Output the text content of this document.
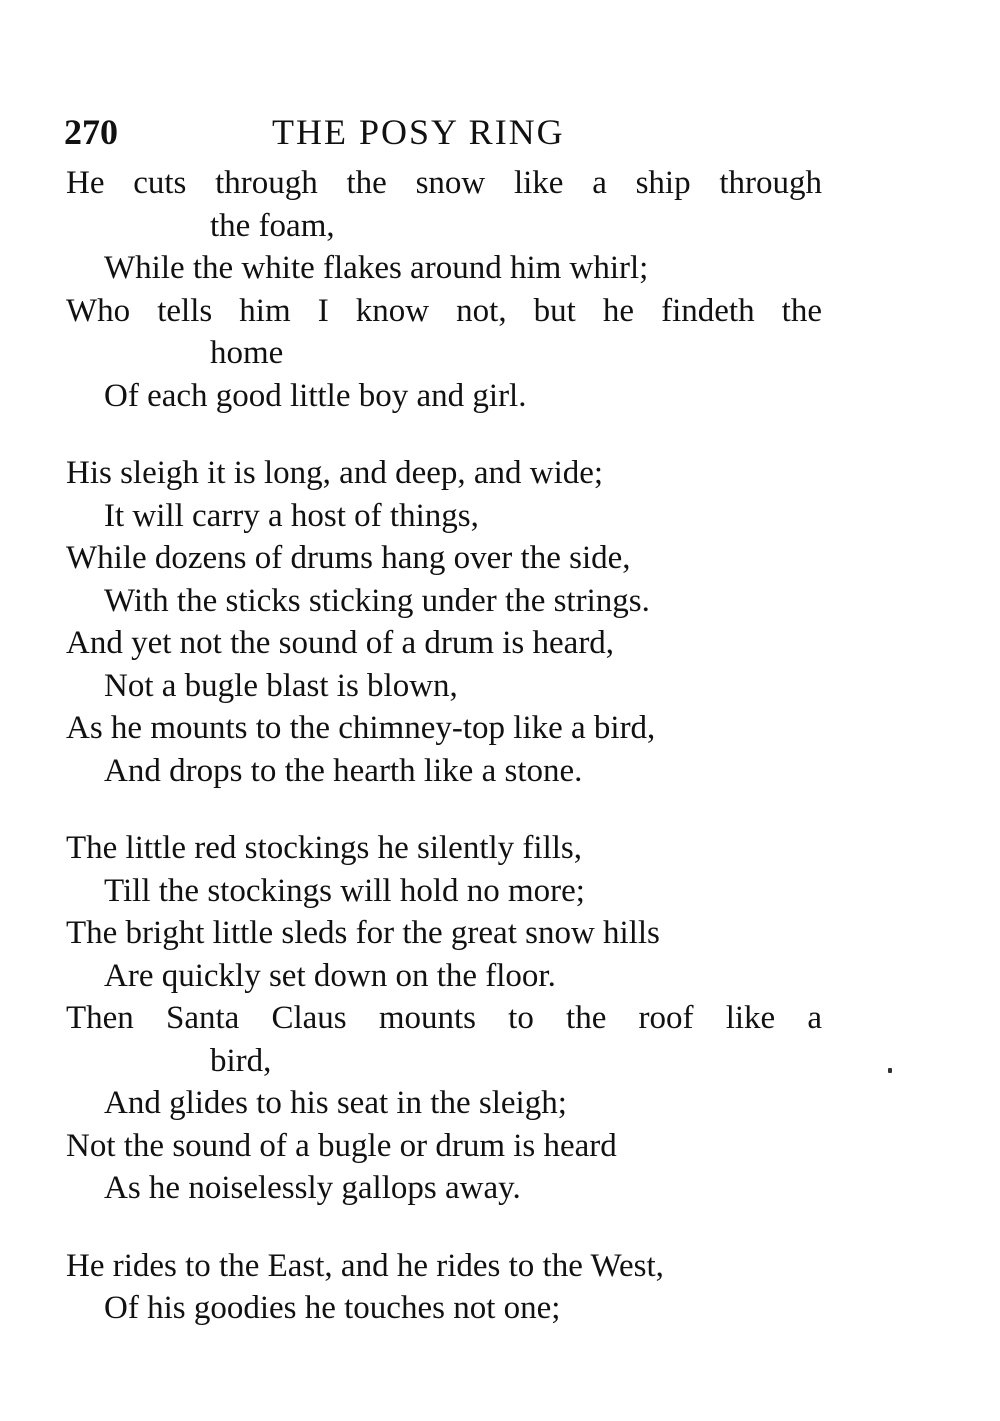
270	THE POSY RING
He cuts through the snow like a ship through
the foam,
While the white flakes around him whirl;
Who tells him I know not, but he findeth the
home
Of each good little boy and girl.
His sleigh it is long, and deep, and wide;
It will carry a host of things,
While dozens of drums hang over the side,
With the sticks sticking under the strings.
And yet not the sound of a drum is heard,
Not a bugle blast is blown,
As he mounts to the chimney-top like a bird,
And drops to the hearth like a stone.
The little red stockings he silently fills,
Till the stockings will hold no more;
The bright little sleds for the great snow hills
Are quickly set down on the floor.
Then Santa Claus mounts to the roof like a
bird,
And glides to his seat in the sleigh;
Not the sound of a bugle or drum is heard
As he noiselessly gallops away.
He rides to the East, and he rides to the West,
Of his goodies he touches not one;
